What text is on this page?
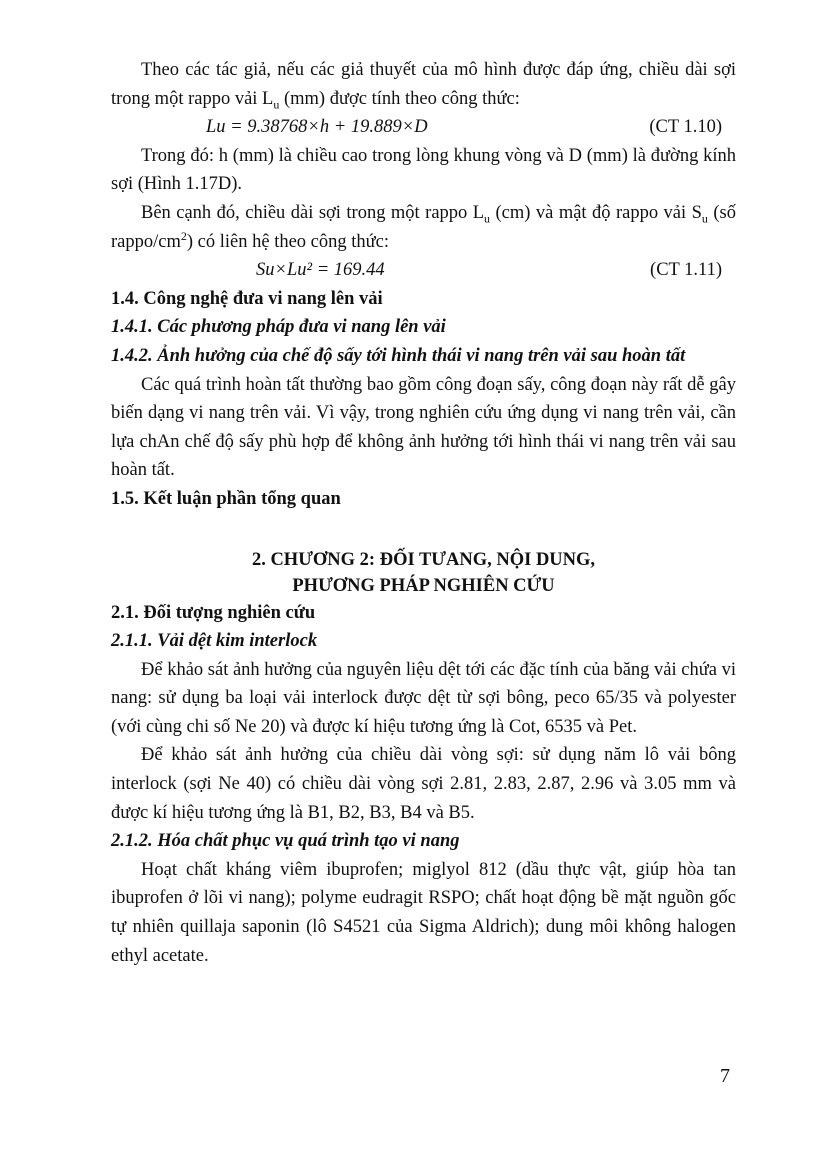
Theo các tác giả, nếu các giả thuyết của mô hình được đáp ứng, chiều dài sợi trong một rappo vải $L_u$ (mm) được tính theo công thức:

Lu = 9.38768×h + 19.889×D	(CT 1.10)

Trong đó: h (mm) là chiều cao trong lòng khung vòng và D (mm) là đường kính sợi (Hình 1.17D).

Bên cạnh đó, chiều dài sợi trong một rappo $L_u$ (cm) và mật độ rappo vải $S_u$ (số rappo/$cm^2$) có liên hệ theo công thức:

Su×Lu² = 169.44	(CT 1.11)
1.4. Công nghệ đưa vi nang lên vải
1.4.1. Các phương pháp đưa vi nang lên vải
1.4.2. Ảnh hưởng của chế độ sấy tới hình thái vi nang trên vải sau hoàn tất

Các quá trình hoàn tất thường bao gồm công đoạn sấy, công đoạn này rất dễ gây biến dạng vi nang trên vải. Vì vậy, trong nghiên cứu ứng dụng vi nang trên vải, cần lựa chAn chế độ sấy phù hợp để không ảnh hưởng tới hình thái vi nang trên vải sau hoàn tất.

1.5. Kết luận phần tổng quan
2. CHƯƠNG 2: ĐỐI TƯANG, NỘI DUNG,
PHƯƠNG PHÁP NGHIÊN CỨU
2.1. Đối tượng nghiên cứu
2.1.1. Vải dệt kim interlock

Để khảo sát ảnh hưởng của nguyên liệu dệt tới các đặc tính của băng vải chứa vi nang: sử dụng ba loại vải interlock được dệt từ sợi bông, peco 65/35 và polyester (với cùng chi số Ne 20) và được kí hiệu tương ứng là Cot, 6535 và Pet.

Để khảo sát ảnh hưởng của chiều dài vòng sợi: sử dụng năm lô vải bông interlock (sợi Ne 40) có chiều dài vòng sợi 2.81, 2.83, 2.87, 2.96 và 3.05 mm và được kí hiệu tương ứng là B1, B2, B3, B4 và B5.

2.1.2. Hóa chất phục vụ quá trình tạo vi nang

Hoạt chất kháng viêm ibuprofen; miglyol 812 (dầu thực vật, giúp hòa tan ibuprofen ở lõi vi nang); polyme eudragit RSPO; chất hoạt động bề mặt nguồn gốc tự nhiên quillaja saponin (lô S4521 của Sigma Aldrich); dung môi không halogen ethyl acetate.

7
